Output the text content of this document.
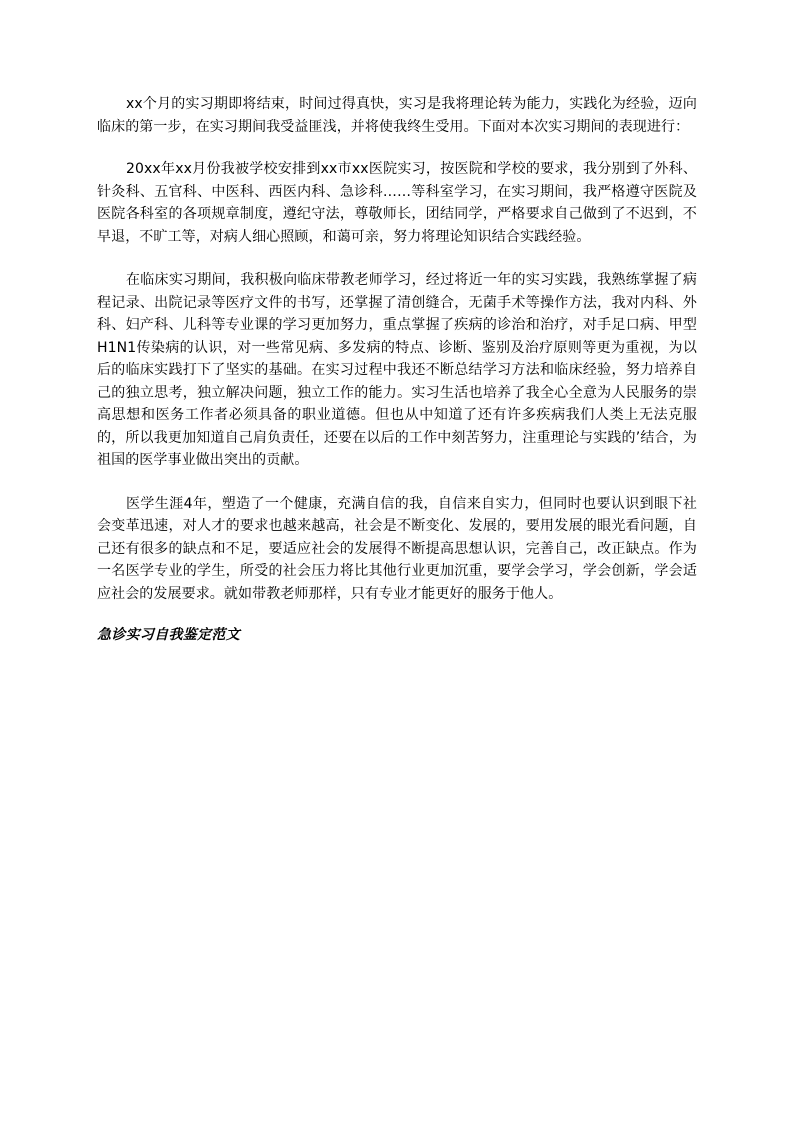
xx个月的实习期即将结束，时间过得真快，实习是我将理论转为能力，实践化为经验，迈向临床的第一步，在实习期间我受益匪浅，并将使我终生受用。下面对本次实习期间的表现进行：

20xx年xx月份我被学校安排到xx市xx医院实习，按医院和学校的要求，我分别到了外科、针灸科、五官科、中医科、西医内科、急诊科……等科室学习，在实习期间，我严格遵守医院及医院各科室的各项规章制度，遵纪守法，尊敬师长，团结同学，严格要求自己做到了不迟到，不早退，不旷工等，对病人细心照顾，和蔼可亲，努力将理论知识结合实践经验。

在临床实习期间，我积极向临床带教老师学习，经过将近一年的实习实践，我熟练掌握了病程记录、出院记录等医疗文件的书写，还掌握了清创缝合，无菌手术等操作方法，我对内科、外科、妇产科、儿科等专业课的学习更加努力，重点掌握了疾病的诊治和治疗，对手足口病、甲型H1N1传染病的认识，对一些常见病、多发病的特点、诊断、鉴别及治疗原则等更为重视，为以后的临床实践打下了坚实的基础。在实习过程中我还不断总结学习方法和临床经验，努力培养自己的独立思考，独立解决问题，独立工作的能力。实习生活也培养了我全心全意为人民服务的崇高思想和医务工作者必须具备的职业道德。但也从中知道了还有许多疾病我们人类上无法克服的，所以我更加知道自己肩负责任，还要在以后的工作中刻苦努力，注重理论与实践的’结合，为祖国的医学事业做出突出的贡献。

医学生涯4年，塑造了一个健康，充满自信的我，自信来自实力，但同时也要认识到眼下社会变革迅速，对人才的要求也越来越高，社会是不断变化、发展的，要用发展的眼光看问题，自己还有很多的缺点和不足，要适应社会的发展得不断提高思想认识，完善自己，改正缺点。作为一名医学专业的学生，所受的社会压力将比其他行业更加沉重，要学会学习，学会创新，学会适应社会的发展要求。就如带教老师那样，只有专业才能更好的服务于他人。

急诊实习自我鉴定范文
